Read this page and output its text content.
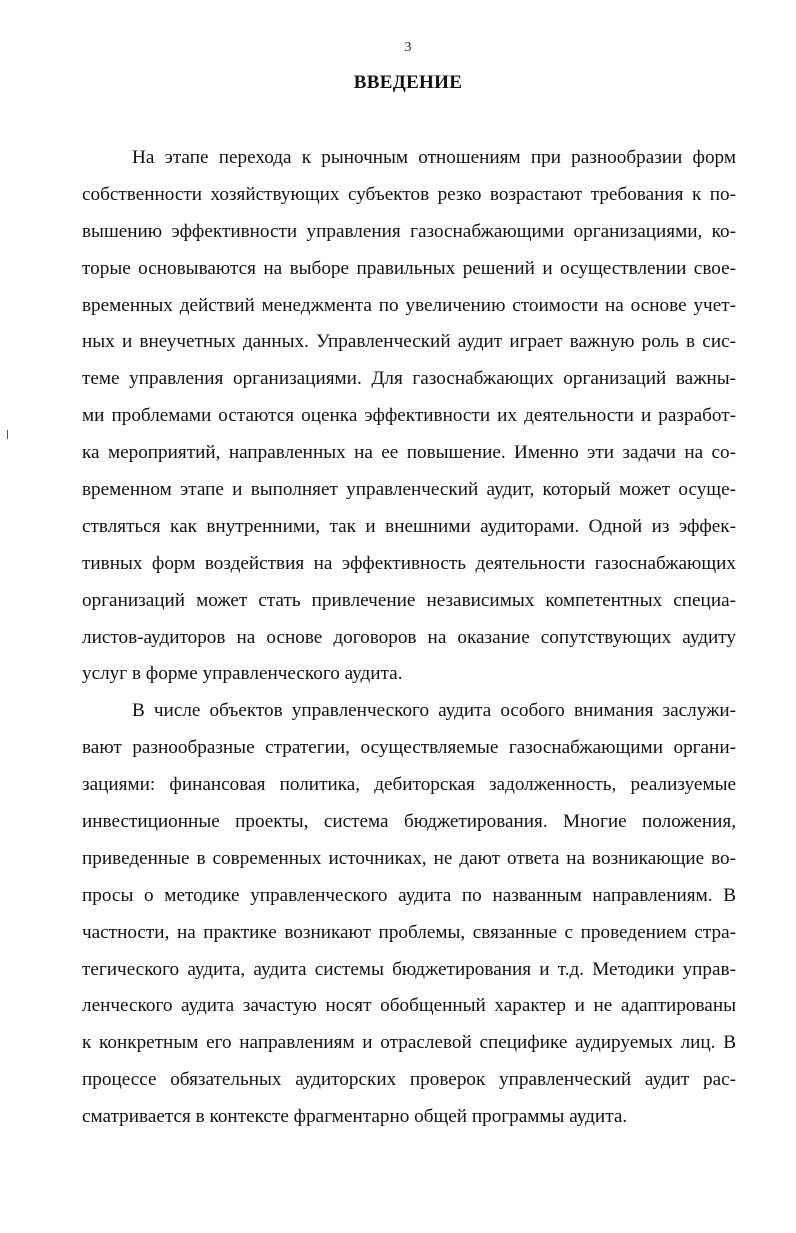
3
ВВЕДЕНИЕ

На этапе перехода к рыночным отношениям при разнообразии форм
собственности хозяйствующих субъектов резко возрастают требования к по-
вышению эффективности управления газоснабжающими организациями, ко-
торые основываются на выборе правильных решений и осуществлении свое-
временных действий менеджмента по увеличению стоимости на основе учет-
ных и внеучетных данных. Управленческий аудит играет важную роль в сис-
теме управления организациями. Для газоснабжающих организаций важны-
ми проблемами остаются оценка эффективности их деятельности и разработ-
ка мероприятий, направленных на ее повышение. Именно эти задачи на со-
временном этапе и выполняет управленческий аудит, который может осуще-
ствляться как внутренними, так и внешними аудиторами. Одной из эффек-
тивных форм воздействия на эффективность деятельности газоснабжающих
организаций может стать привлечение независимых компетентных специа-
листов-аудиторов на основе договоров на оказание сопутствующих аудиту
услуг в форме управленческого аудита.

В числе объектов управленческого аудита особого внимания заслужи-
вают разнообразные стратегии, осуществляемые газоснабжающими органи-
зациями: финансовая политика, дебиторская задолженность, реализуемые
инвестиционные проекты, система бюджетирования. Многие положения,
приведенные в современных источниках, не дают ответа на возникающие во-
просы о методике управленческого аудита по названным направлениям. В
частности, на практике возникают проблемы, связанные с проведением стра-
тегического аудита, аудита системы бюджетирования и т.д. Методики управ-
ленческого аудита зачастую носят обобщенный характер и не адаптированы
к конкретным его направлениям и отраслевой специфике аудируемых лиц. В
процессе обязательных аудиторских проверок управленческий аудит рас-
сматривается в контексте фрагментарно общей программы аудита.
